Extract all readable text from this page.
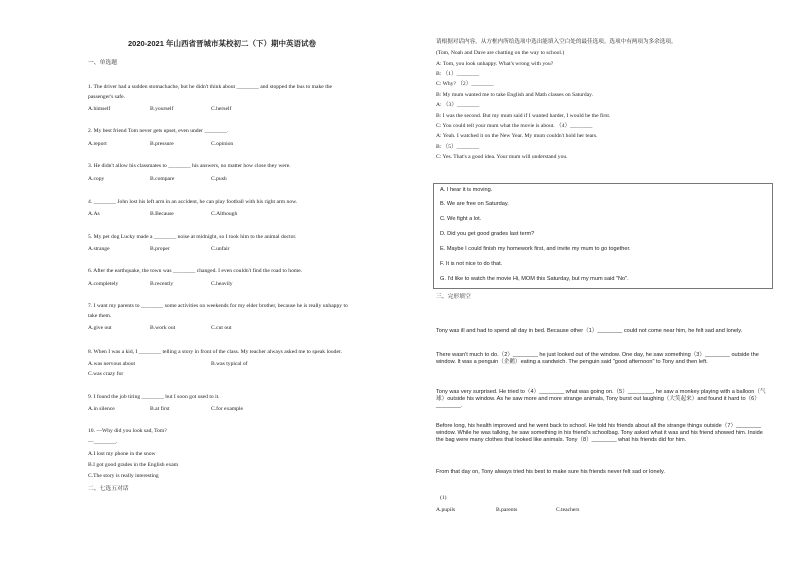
2020-2021 年山西省晋城市某校初二（下）期中英语试卷
一、单选题
1. The driver had a sudden stomachache, but he didn't think about ________ and stopped the bus to make the
passenger's safe.
A.himself	B.yourself	C.herself
2. My best friend Tom never gets upset, even under ________.
A.report	B.pressure	C.opinion
3. He didn't allow his classmates to ________ his answers, no matter how close they were.
A.copy	B.compare	C.push
4. ________ John lost his left arm in an accident, he can play football with his right arm now.
A.As	B.Because	C.Although
5. My pet dog Lucky made a ________ noise at midnight, so I took him to the animal doctor.
A.strange	B.proper	C.unfair
6. After the earthquake, the town was ________ changed. I even couldn't find the road to home.
A.completely	B.recently	C.heavily
7. I want my parents to ________ some activities on weekends for my elder brother, because he is really unhappy to
take them.
A.give out	B.work out	C.cut out
8. When I was a kid, I ________ telling a story in front of the class. My teacher always asked me to speak louder.
A.was nervous about	B.was typical of
C.was crazy for
9. I found the job tiring ________ but I soon got used to it.
A.in silence	B.at first	C.for example
10. —Why did you look sad, Tom?
—________.
A.I lost my phone in the snow
B.I got good grades in the English exam
C.The story is really interesting
二、七选五对话
请根据对话内容，从方框内所给选项中选出能填入空白处的最佳选项。选项中有两项为多余选项。
(Tom, Noah and Dave are chatting on the way to school.)
A: Tom, you look unhappy. What's wrong with you?
B: （1）________
C: Why? （2）________
B: My mum wanted me to take English and Math classes on Saturday.
A: （3）________
B: I was the second. But my mum said if I wanted harder, I would be the first.
C: You could tell your mum what the movie is about. （4）________
A: Yeah. I watched it on the New Year. My mum couldn't hold her tears.
B: （5）________
C: Yes. That's a good idea. Your mum will understand you.
A. I hear it is moving.
B. We are free on Saturday.
C. We fight a lot.
D. Did you get good grades last term?
E. Maybe I could finish my homework first, and invite my mum to go together.
F. It is not nice to do that.
G. I'd like to watch the movie Hi, MOM this Saturday, but my mum said "No".
三、完形填空
Tony was ill and had to spend all day in bed. Because other（1）________ could not come near him, he felt sad and lonely.
There wasn't much to do.（2）________ he just looked out of the window. One day, he saw something（3）________ outside the window. It was a penguin（企鹅）eating a sandwich. The penguin said "good afternoon" to Tony and then left.
Tony was very surprised. He tried to（4）________ what was going on.（5）________, he saw a monkey playing with a balloon（气球）outside his window. As he saw more and more strange animals, Tony burst out laughing（大笑起来）and found it hard to（6）________.
Before long, his health improved and he went back to school. He told his friends about all the strange things outside（7）________ window. While he was talking, he saw something in his friend's schoolbag. Tony asked what it was and his friend showed him. Inside the bag were many clothes that looked like animals. Tony（8）________ what his friends did for him.
From that day on, Tony always tried his best to make sure his friends never felt sad or lonely.
(1)
A.pupils	B.parents	C.teachers
